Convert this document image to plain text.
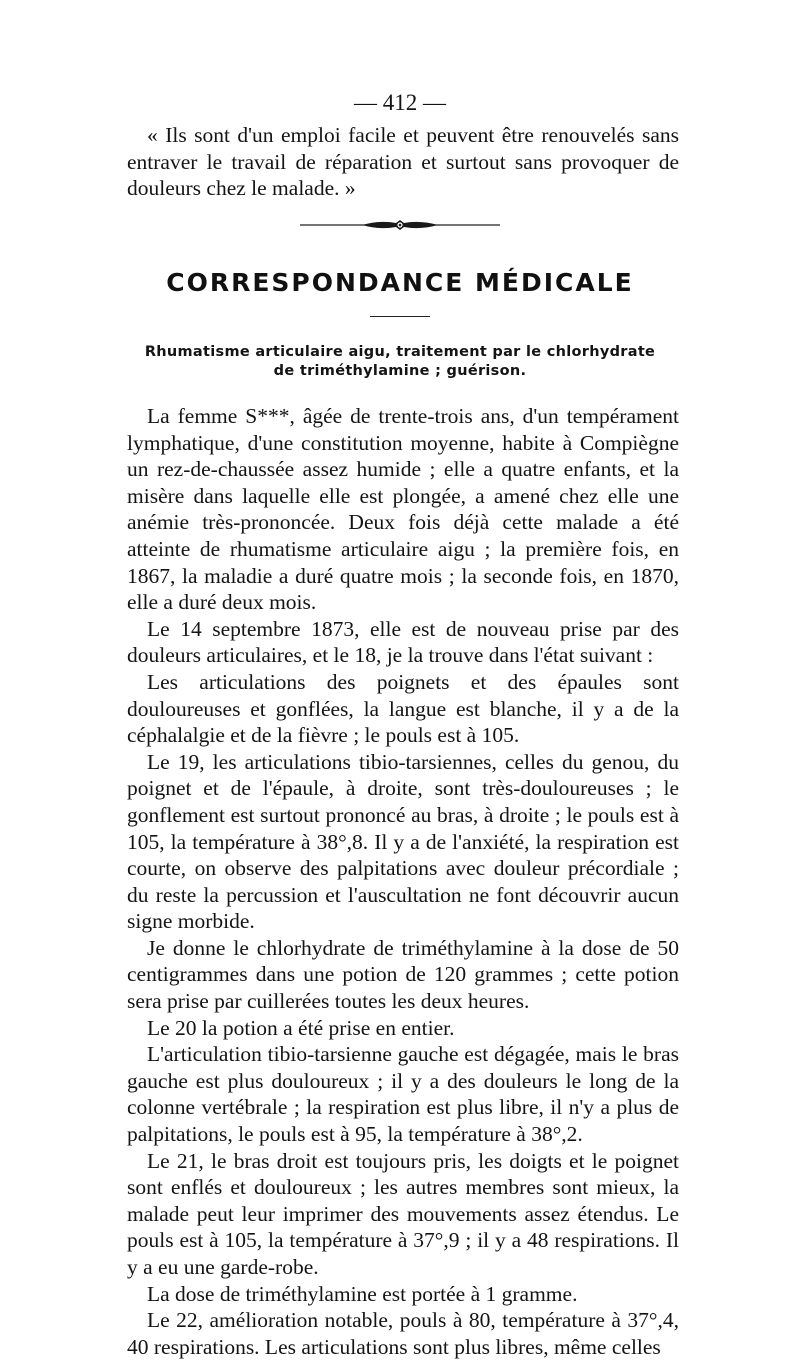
— 412 —

« Ils sont d'un emploi facile et peuvent être renouvelés sans entraver le travail de réparation et surtout sans provoquer de douleurs chez le malade. »

CORRESPONDANCE MÉDICALE
Rhumatisme articulaire aigu, traitement par le chlorhydrate
de triméthylamine ; guérison.

La femme S***, âgée de trente-trois ans, d'un tempérament lymphatique, d'une constitution moyenne, habite à Compiègne un rez-de-chaussée assez humide ; elle a quatre enfants, et la misère dans laquelle elle est plongée, a amené chez elle une anémie très-prononcée. Deux fois déjà cette malade a été atteinte de rhumatisme articulaire aigu ; la première fois, en 1867, la maladie a duré quatre mois ; la seconde fois, en 1870, elle a duré deux mois.

Le 14 septembre 1873, elle est de nouveau prise par des douleurs articulaires, et le 18, je la trouve dans l'état suivant :

Les articulations des poignets et des épaules sont douloureuses et gonflées, la langue est blanche, il y a de la céphalalgie et de la fièvre ; le pouls est à 105.

Le 19, les articulations tibio-tarsiennes, celles du genou, du poignet et de l'épaule, à droite, sont très-douloureuses ; le gonflement est surtout prononcé au bras, à droite ; le pouls est à 105, la température à 38°,8. Il y a de l'anxiété, la respiration est courte, on observe des palpitations avec douleur précordiale ; du reste la percussion et l'auscultation ne font découvrir aucun signe morbide.

Je donne le chlorhydrate de triméthylamine à la dose de 50 centigrammes dans une potion de 120 grammes ; cette potion sera prise par cuillerées toutes les deux heures.

Le 20 la potion a été prise en entier.

L'articulation tibio-tarsienne gauche est dégagée, mais le bras gauche est plus douloureux ; il y a des douleurs le long de la colonne vertébrale ; la respiration est plus libre, il n'y a plus de palpitations, le pouls est à 95, la température à 38°,2.

Le 21, le bras droit est toujours pris, les doigts et le poignet sont enflés et douloureux ; les autres membres sont mieux, la malade peut leur imprimer des mouvements assez étendus. Le pouls est à 105, la température à 37°,9 ; il y a 48 respirations. Il y a eu une garde-robe.

La dose de triméthylamine est portée à 1 gramme.

Le 22, amélioration notable, pouls à 80, température à 37°,4, 40 respirations. Les articulations sont plus libres, même celles
